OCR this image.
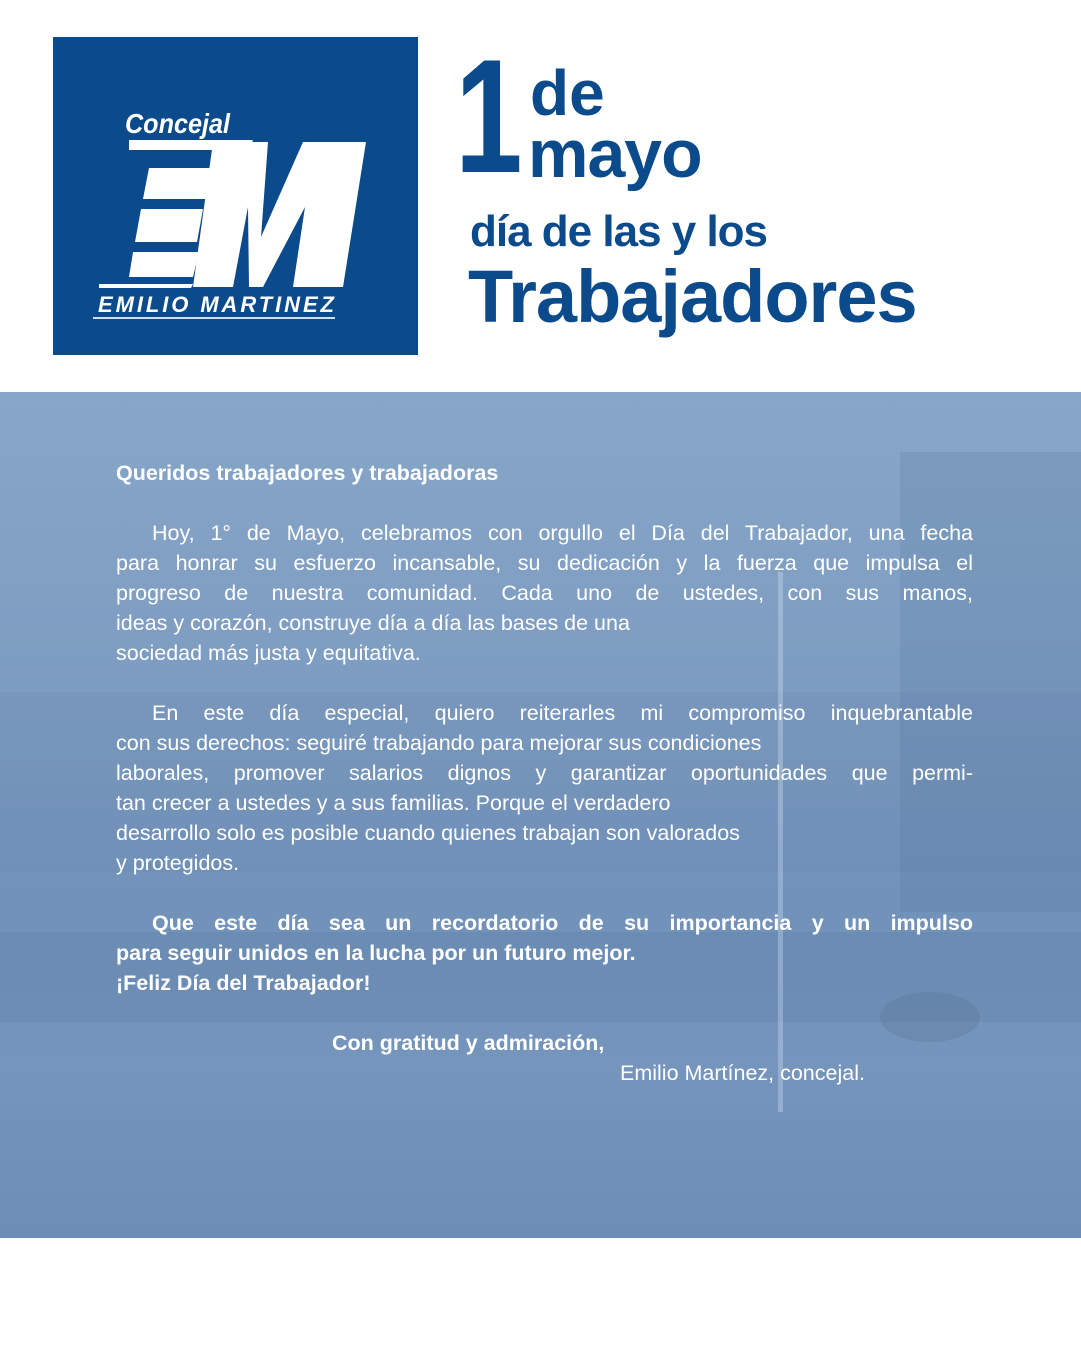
Concejal
EMILIO MARTINEZ
1 de
mayo
día de las y los
Trabajadores
Queridos trabajadores y trabajadoras
Hoy, 1° de Mayo, celebramos con orgullo el Día del Trabajador, una fecha
para honrar su esfuerzo incansable, su dedicación y la fuerza que impulsa el
progreso de nuestra comunidad. Cada uno de ustedes, con sus manos,
ideas y corazón, construye día a día las bases de una
sociedad más justa y equitativa.
En este día especial, quiero reiterarles mi compromiso inquebrantable
con sus derechos: seguiré trabajando para mejorar sus condiciones
laborales, promover salarios dignos y garantizar oportunidades que permi-
tan crecer a ustedes y a sus familias. Porque el verdadero
desarrollo solo es posible cuando quienes trabajan son valorados
y protegidos.
Que este día sea un recordatorio de su importancia y un impulso
para seguir unidos en la lucha por un futuro mejor.
¡Feliz Día del Trabajador!
Con gratitud y admiración,
Emilio Martínez, concejal.
